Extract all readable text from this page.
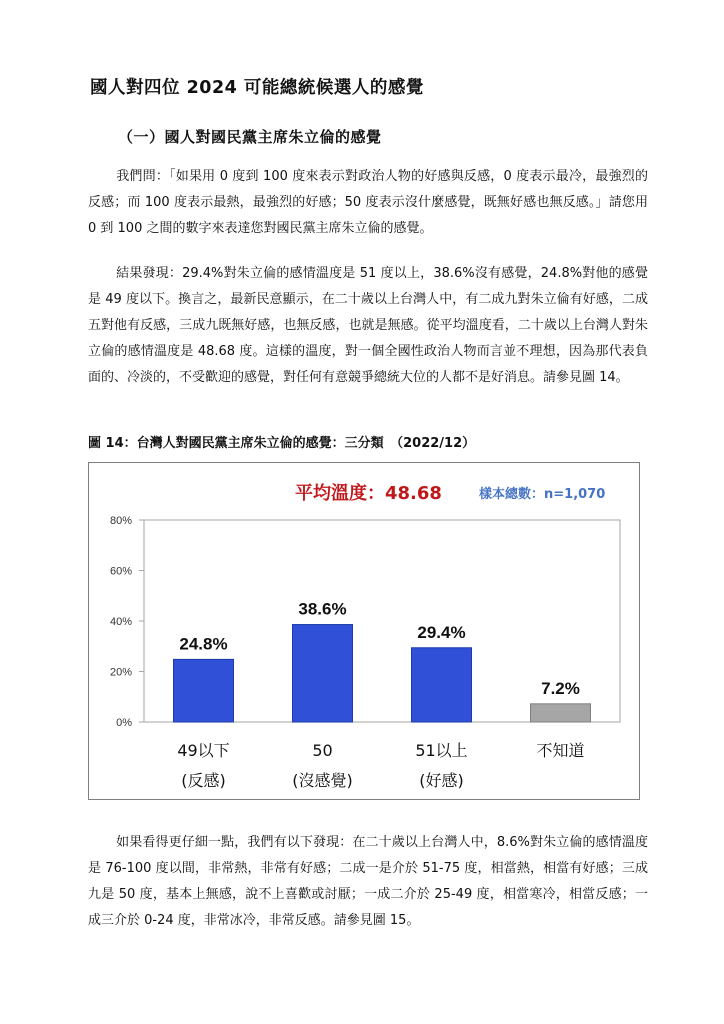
國人對四位 2024 可能總統候選人的感覺
（一）國人對國民黨主席朱立倫的感覺
我們問：「如果用 0 度到 100 度來表示對政治人物的好感與反感，0 度表示最冷，最強烈的反感；而 100 度表示最熱，最強烈的好感；50 度表示沒什麼感覺，既無好感也無反感。」請您用 0 到 100 之間的數字來表達您對國民黨主席朱立倫的感覺。
結果發現：29.4%對朱立倫的感情溫度是 51 度以上，38.6%沒有感覺，24.8%對他的感覺是 49 度以下。換言之，最新民意顯示，在二十歲以上台灣人中，有二成九對朱立倫有好感，二成五對他有反感，三成九既無好感，也無反感，也就是無感。從平均溫度看，二十歲以上台灣人對朱立倫的感情溫度是 48.68 度。這樣的溫度，對一個全國性政治人物而言並不理想，因為那代表負面的、冷淡的，不受歡迎的感覺，對任何有意競爭總統大位的人都不是好消息。請參見圖 14。
圖 14：台灣人對國民黨主席朱立倫的感覺：三分類　（2022/12）
平均溫度：48.68	樣本總數：n=1,070
0%
20%
40%
60%
80%
24.8%
49以下
(反感)
38.6%
50
(沒感覺)
29.4%
51以上
(好感)
7.2%
不知道
如果看得更仔細一點，我們有以下發現：在二十歲以上台灣人中，8.6%對朱立倫的感情溫度是 76-100 度以間，非常熱，非常有好感；二成一是介於 51-75 度，相當熱，相當有好感；三成九是 50 度，基本上無感，說不上喜歡或討厭；一成二介於 25-49 度，相當寒冷，相當反感；一成三介於 0-24 度，非常冰冷，非常反感。請參見圖 15。
